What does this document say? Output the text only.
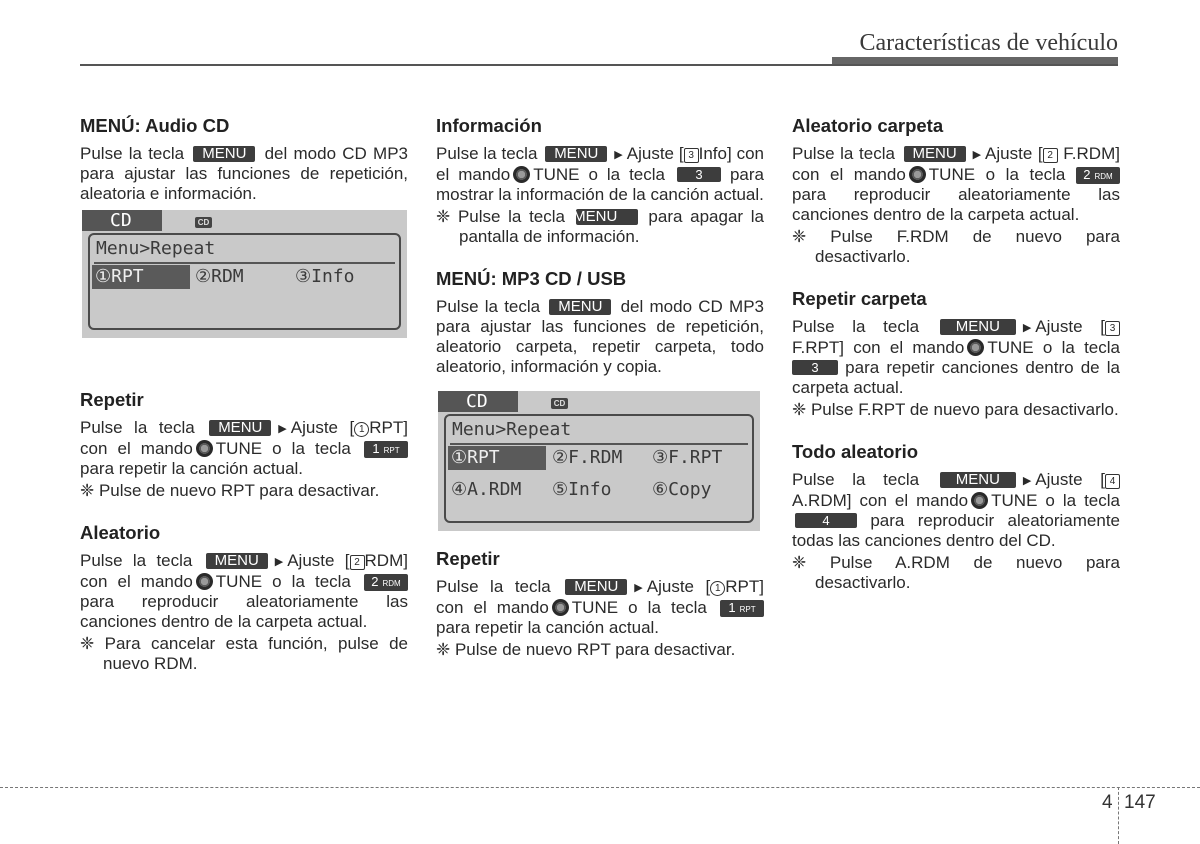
Características de vehículo
MENÚ: Audio CD

Pulse la tecla MENU del modo CD MP3 para ajustar las funciones de repetición, aleatoria e información.

CD	CD
Menu>Repeat
①RPT	②RDM	③Info
Repetir

Pulse la tecla MENU ▶ Ajuste [ 1 RPT] con el mando TUNE o la tecla 1 RPT para repetir la canción actual.

❈ Pulse de nuevo RPT para desactivar.

Aleatorio

Pulse la tecla MENU ▶ Ajuste [ 2 RDM] con el mando TUNE o la tecla 2 RDM para reproducir aleatoriamente las canciones dentro de la carpeta actual.

❈ Para cancelar esta función, pulse de nuevo RDM.

Información

Pulse la tecla MENU ▶ Ajuste [ 3 Info] con el mando TUNE o la tecla 3 para mostrar la información de la canción actual.

❈ Pulse la tecla MENU para apagar la pantalla de información.

MENÚ: MP3 CD / USB

Pulse la tecla MENU del modo CD MP3 para ajustar las funciones de repetición, aleatorio carpeta, repetir carpeta, todo aleatorio, información y copia.

CD	CD
Menu>Repeat
①RPT	②F.RDM ③F.RPT
④A.RDM ⑤Info ⑥Copy
Repetir

Pulse la tecla MENU ▶ Ajuste [ 1 RPT] con el mando TUNE o la tecla 1 RPT para repetir la canción actual.

❈ Pulse de nuevo RPT para desactivar.

Aleatorio carpeta

Pulse la tecla MENU ▶ Ajuste [ 2 F.RDM] con el mando TUNE o la tecla 2 RDM para reproducir aleatoriamente las canciones dentro de la carpeta actual.

❈ Pulse F.RDM de nuevo para desactivarlo.

Repetir carpeta

Pulse la tecla MENU ▶ Ajuste [ 3 F.RPT] con el mando TUNE o la tecla 3 para repetir canciones dentro de la carpeta actual.

❈ Pulse F.RPT de nuevo para desactivarlo.

Todo aleatorio

Pulse la tecla MENU ▶ Ajuste [ 4 A.RDM] con el mando TUNE o la tecla 4 para reproducir aleatoriamente todas las canciones dentro del CD.

❈ Pulse A.RDM de nuevo para desactivarlo.

4 147
